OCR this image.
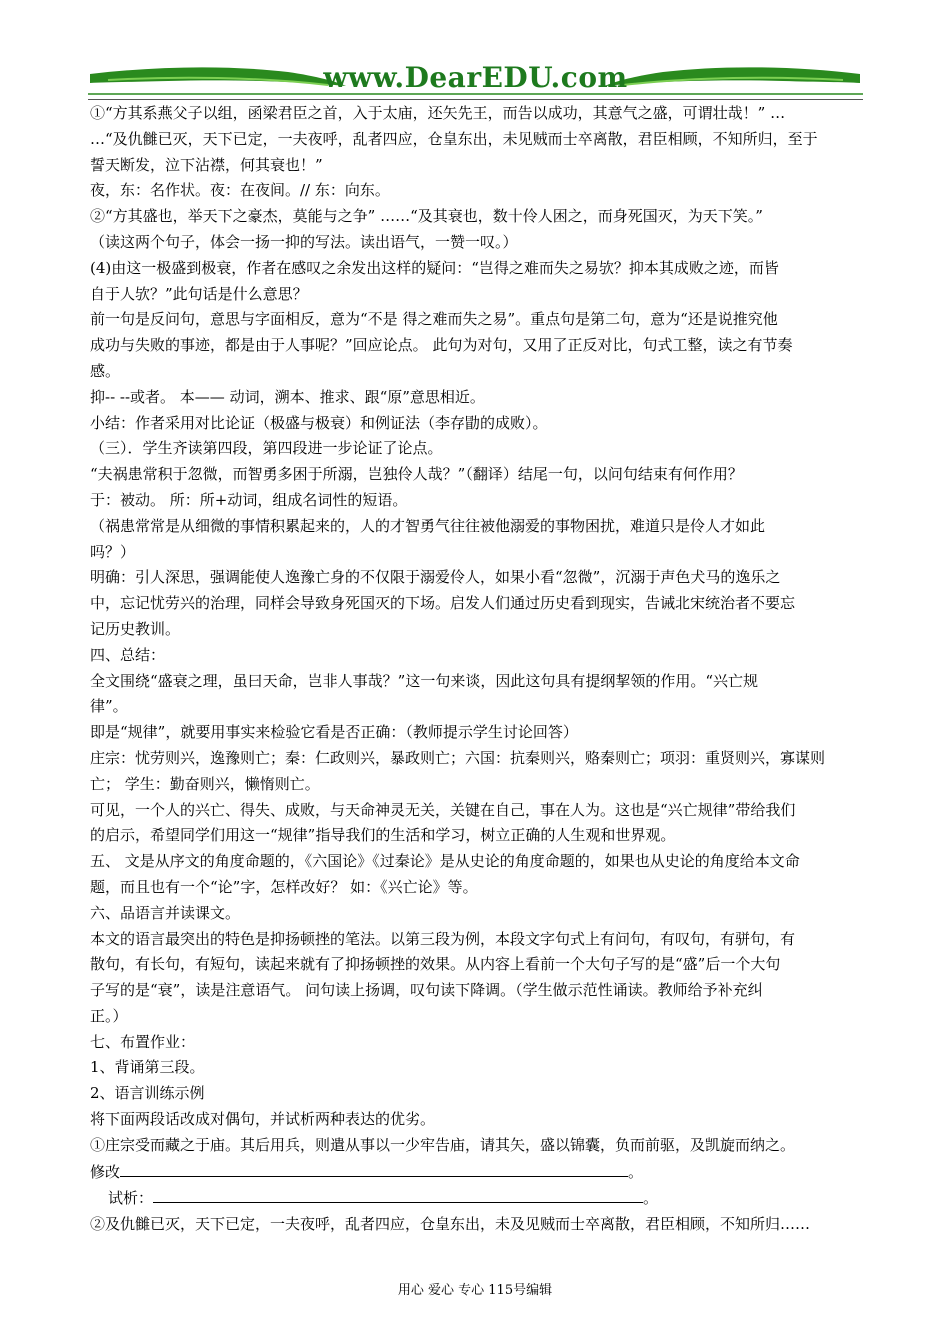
www.DearEDU.com

①“方其系燕父子以组，函梁君臣之首，入于太庙，还矢先王，而告以成功，其意气之盛，可谓壮哉！” …

…“及仇雠已灭，天下已定，一夫夜呼，乱者四应，仓皇东出，未见贼而士卒离散，君臣相顾，不知所归，至于

誓天断发，泣下沾襟，何其衰也！”

夜，东：名作状。夜：在夜间。// 东：向东。

②“方其盛也，举天下之豪杰，莫能与之争” ……“及其衰也，数十伶人困之，而身死国灭，为天下笑。”

（读这两个句子，体会一扬一抑的写法。读出语气，一赞一叹。）

(4)由这一极盛到极衰，作者在感叹之余发出这样的疑问：“岂得之难而失之易欤？抑本其成败之迹，而皆

自于人欤？”此句话是什么意思？

前一句是反问句，意思与字面相反，意为“不是 得之难而失之易”。重点句是第二句，意为“还是说推究他

成功与失败的事迹，都是由于人事呢？”回应论点。 此句为对句，又用了正反对比，句式工整，读之有节奏

感。

抑-- --或者。 本—— 动词，溯本、推求、跟“原”意思相近。

小结：作者采用对比论证（极盛与极衰）和例证法（李存勖的成败）。

（三）．学生齐读第四段，第四段进一步论证了论点。

“夫祸患常积于忽微，而智勇多困于所溺，岂独伶人哉？”（翻译）结尾一句，以问句结束有何作用？

于：被动。 所：所+动词，组成名词性的短语。

（祸患常常是从细微的事情积累起来的，人的才智勇气往往被他溺爱的事物困扰，难道只是伶人才如此

吗？）

明确：引人深思，强调能使人逸豫亡身的不仅限于溺爱伶人，如果小看“忽微”，沉溺于声色犬马的逸乐之

中，忘记忧劳兴的治理，同样会导致身死国灭的下场。启发人们通过历史看到现实，告诫北宋统治者不要忘

记历史教训。

四、总结：

全文围绕“盛衰之理，虽曰天命，岂非人事哉？”这一句来谈，因此这句具有提纲挈领的作用。“兴亡规

律”。

即是“规律”，就要用事实来检验它看是否正确：（教师提示学生讨论回答）

庄宗：忧劳则兴，逸豫则亡；秦：仁政则兴，暴政则亡；六国：抗秦则兴，赂秦则亡；项羽：重贤则兴，寡谋则

亡； 学生：勤奋则兴，懒惰则亡。

可见，一个人的兴亡、得失、成败，与天命神灵无关，关键在自己，事在人为。这也是“兴亡规律”带给我们

的启示，希望同学们用这一“规律”指导我们的生活和学习，树立正确的人生观和世界观。

五、 文是从序文的角度命题的，《六国论》《过秦论》是从史论的角度命题的，如果也从史论的角度给本文命

题，而且也有一个“论”字，怎样改好？ 如：《兴亡论》等。

六、品语言并读课文。

本文的语言最突出的特色是抑扬顿挫的笔法。以第三段为例，本段文字句式上有问句，有叹句，有骈句，有

散句，有长句，有短句，读起来就有了抑扬顿挫的效果。从内容上看前一个大句子写的是“盛”后一个大句

子写的是“衰”，读是注意语气。 问句读上扬调，叹句读下降调。（学生做示范性诵读。教师给予补充纠

正。）

七、布置作业：

1、背诵第三段。

2、语言训练示例

将下面两段话改成对偶句，并试析两种表达的优劣。

①庄宗受而藏之于庙。其后用兵，则遣从事以一少牢告庙，请其矢，盛以锦囊，负而前驱，及凯旋而纳之。

修改	。

试析：	。

②及仇雠已灭，天下已定，一夫夜呼，乱者四应，仓皇东出，未及见贼而士卒离散，君臣相顾，不知所归……

用心 爱心 专心 115号编辑
